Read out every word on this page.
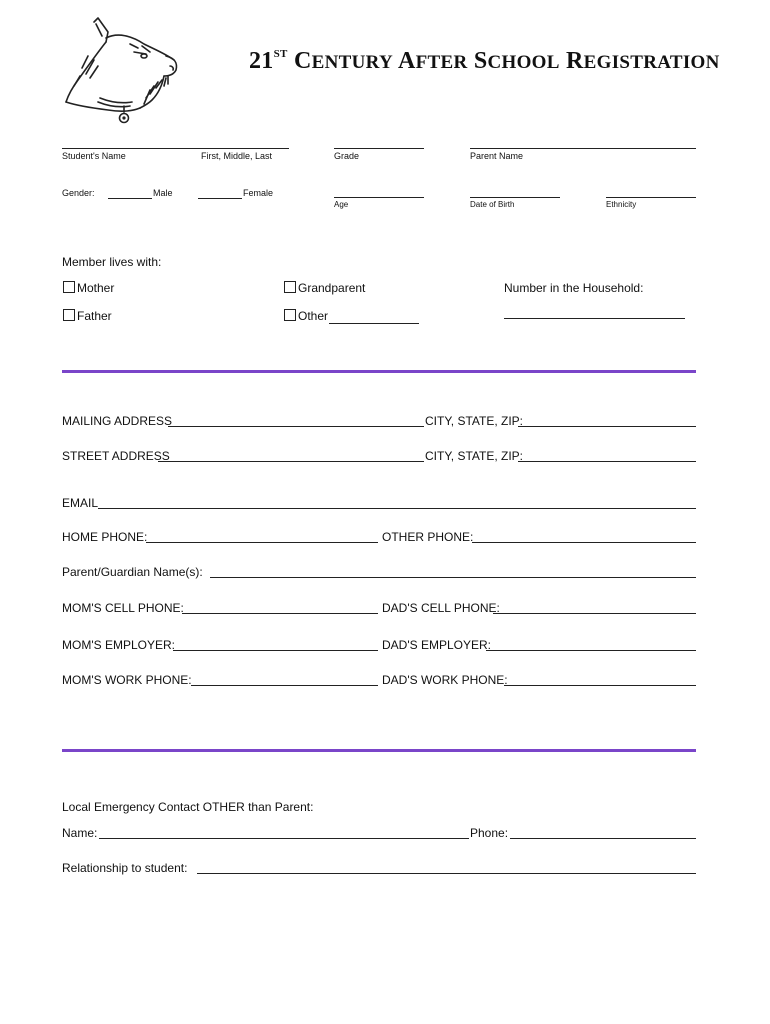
21ST CENTURY AFTER SCHOOL REGISTRATION
Student's Name	First, Middle, Last	Grade	Parent Name
Gender:	Male	Female
Age	Date of Birth	Ethnicity
Member lives with:
Mother
Father
Grandparent
Other
Number in the Household:
MAILING ADDRESS	CITY, STATE, ZIP:
STREET ADDRESS	CITY, STATE, ZIP:
EMAIL
HOME PHONE:	OTHER PHONE:
Parent/Guardian Name(s):
MOM'S CELL PHONE:	DAD'S CELL PHONE:
MOM'S EMPLOYER:	DAD'S EMPLOYER:
MOM'S WORK PHONE:	DAD'S WORK PHONE:
Local Emergency Contact OTHER than Parent:
Name:	Phone:
Relationship to student:
